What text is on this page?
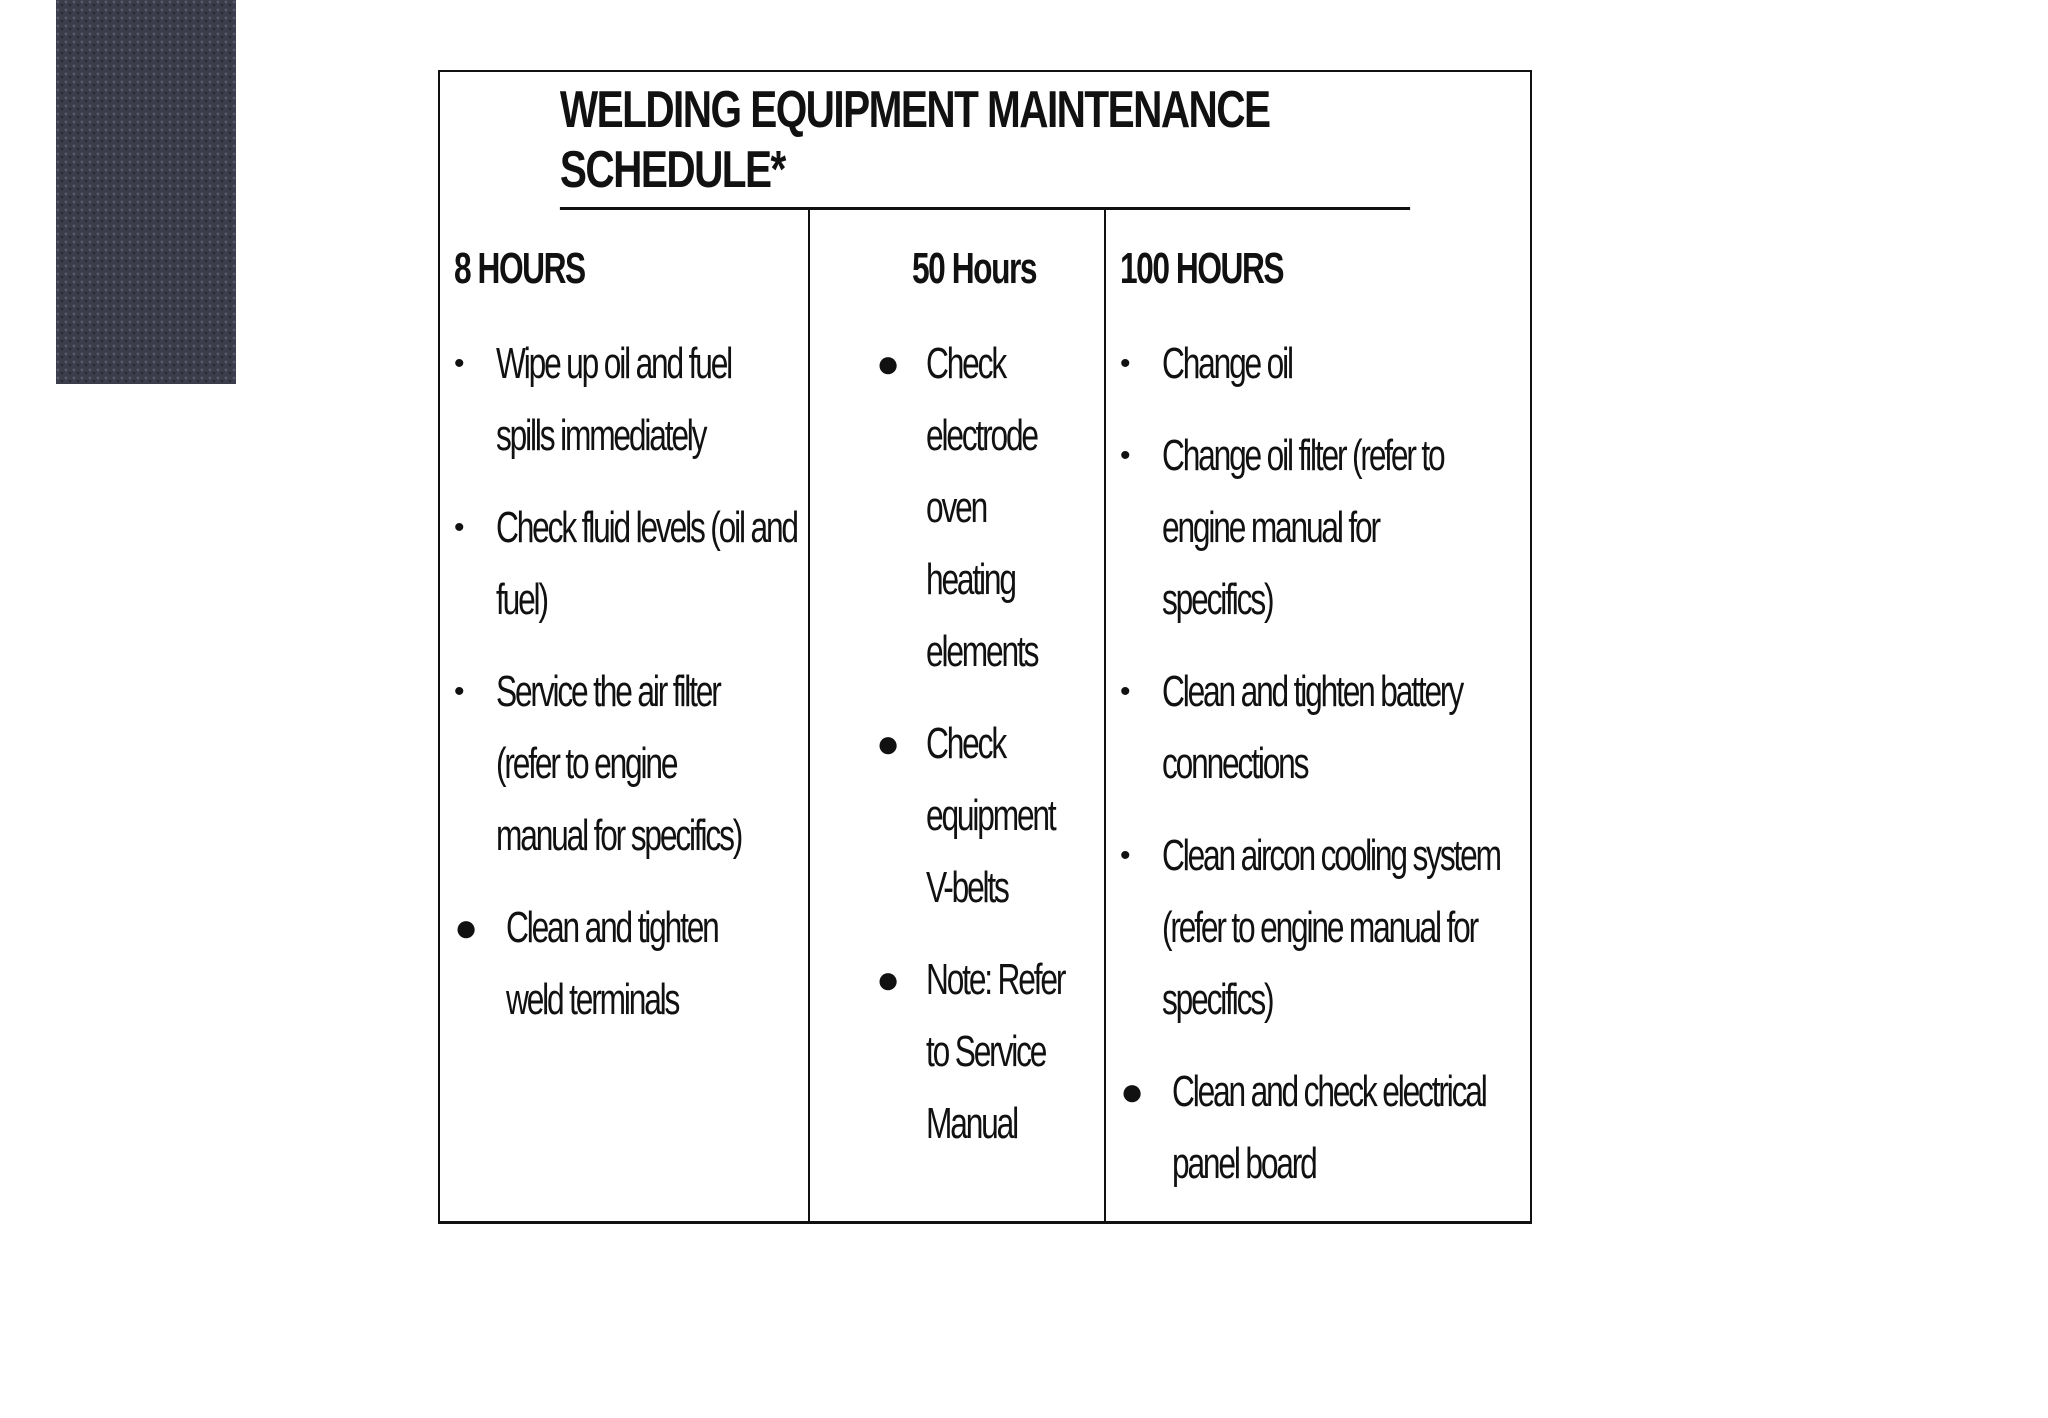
WELDING EQUIPMENT MAINTENANCE SCHEDULE*
8 HOURS
• Wipe up oil and fuel
spills immediately
• Check fluid levels (oil and
fuel)
• Service the air filter
(refer to engine
manual for specifics)
● Clean and tighten
weld terminals
50 Hours
● Check
electrode
oven
heating
elements
● Check
equipment
V-belts
● Note: Refer
to Service
Manual
100 HOURS
• Change oil
• Change oil filter (refer to
engine manual for
specifics)
• Clean and tighten battery
connections
• Clean aircon cooling system
(refer to engine manual for
specifics)
● Clean and check electrical
panel board
